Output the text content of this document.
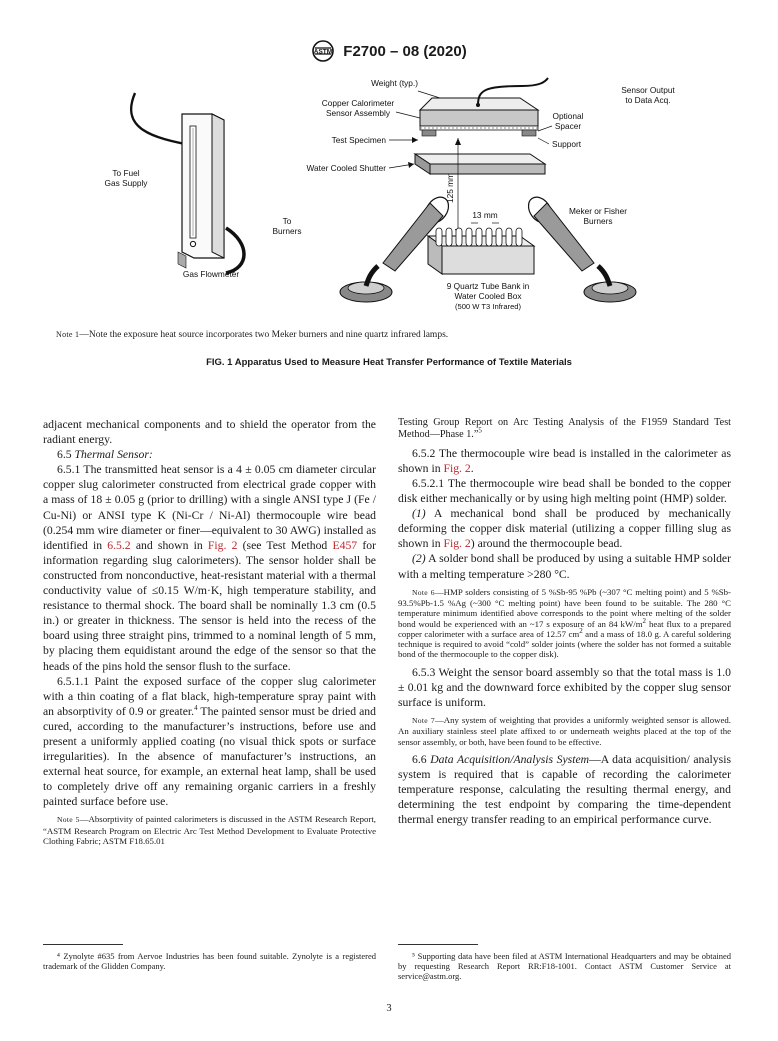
ASTM F2700 – 08 (2020)
To Fuel
Gas Supply
To
Burners
Gas Flowmeter
Weight (typ.)
Sensor Output
to Data Acq.
Copper Calorimeter
Sensor Assembly	Optional
Spacer
Test Specimen	Support
Water Cooled Shutter
125 mm
13 mm
9 Quartz Tube Bank in
Water Cooled Box
(500 W T3 Infrared)
Meker or Fisher
Burners
Note 1—Note the exposure heat source incorporates two Meker burners and nine quartz infrared lamps.
FIG. 1 Apparatus Used to Measure Heat Transfer Performance of Textile Materials

adjacent mechanical components and to shield the operator from the radiant energy.

6.5 Thermal Sensor:

6.5.1 The transmitted heat sensor is a 4 ± 0.05 cm diameter circular copper slug calorimeter constructed from electrical grade copper with a mass of 18 ± 0.05 g (prior to drilling) with a single ANSI type J (Fe / Cu-Ni) or ANSI type K (Ni-Cr / Ni-Al) thermocouple wire bead (0.254 mm wire diameter or finer—equivalent to 30 AWG) installed as identified in 6.5.2 and shown in Fig. 2 (see Test Method E457 for information regarding slug calorimeters). The sensor holder shall be constructed from nonconductive, heat-resistant material with a thermal conductivity value of ≤0.15 W/m·K, high temperature stability, and resistance to thermal shock. The board shall be nominally 1.3 cm (0.5 in.) or greater in thickness. The sensor is held into the recess of the board using three straight pins, trimmed to a nominal length of 5 mm, by placing them equidistant around the edge of the sensor so that the heads of the pins hold the sensor flush to the surface.

6.5.1.1 Paint the exposed surface of the copper slug calorimeter with a thin coating of a flat black, high-temperature spray paint with an absorptivity of 0.9 or greater.$^4$ The painted sensor must be dried and cured, according to the manufacturer’s instructions, before use and present a uniformly applied coating (no visual thick spots or surface irregularities). In the absence of manufacturer’s instructions, an external heat source, for example, an external heat lamp, shall be used to completely drive off any remaining organic carriers in a freshly painted surface before use.

Note 5—Absorptivity of painted calorimeters is discussed in the ASTM Research Report, “ASTM Research Program on Electric Arc Test Method Development to Evaluate Protective Clothing Fabric; ASTM F18.65.01

Testing Group Report on Arc Testing Analysis of the F1959 Standard Test Method—Phase 1.”$^5$

6.5.2 The thermocouple wire bead is installed in the calorimeter as shown in Fig. 2.

6.5.2.1 The thermocouple wire bead shall be bonded to the copper disk either mechanically or by using high melting point (HMP) solder.

(1) A mechanical bond shall be produced by mechanically deforming the copper disk material (utilizing a copper filling slug as shown in Fig. 2) around the thermocouple bead.

(2) A solder bond shall be produced by using a suitable HMP solder with a melting temperature >280 °C.

Note 6—HMP solders consisting of 5 %Sb-95 %Pb (~307 °C melting point) and 5 %Sb-93.5%Pb-1.5 %Ag (~300 °C melting point) have been found to be suitable. The 280 °C temperature minimum identified above corresponds to the point where melting of the solder bond would be experienced with an ~17 s exposure of an 84 $kW/m^2$ heat flux to a prepared copper calorimeter with a surface area of 12.57 $cm^2$ and a mass of 18.0 g. A careful soldering technique is required to avoid “cold” solder joints (where the solder has not formed a suitable bond of the thermocouple to the copper disk).

6.5.3 Weight the sensor board assembly so that the total mass is 1.0 ± 0.01 kg and the downward force exhibited by the copper slug sensor surface is uniform.

Note 7—Any system of weighting that provides a uniformly weighted sensor is allowed. An auxiliary stainless steel plate affixed to or underneath weights placed at the top of the sensor assembly, or both, have been found to be effective.

6.6 Data Acquisition/Analysis System—A data acquisition/ analysis system is required that is capable of recording the calorimeter temperature response, calculating the resulting thermal energy, and determining the test endpoint by comparing the time-dependent thermal energy transfer reading to an empirical performance curve.

⁴ Zynolyte #635 from Aervoe Industries has been found suitable. Zynolyte is a registered trademark of the Glidden Company.

⁵ Supporting data have been filed at ASTM International Headquarters and may be obtained by requesting Research Report RR:F18-1001. Contact ASTM Customer Service at service@astm.org.

3
